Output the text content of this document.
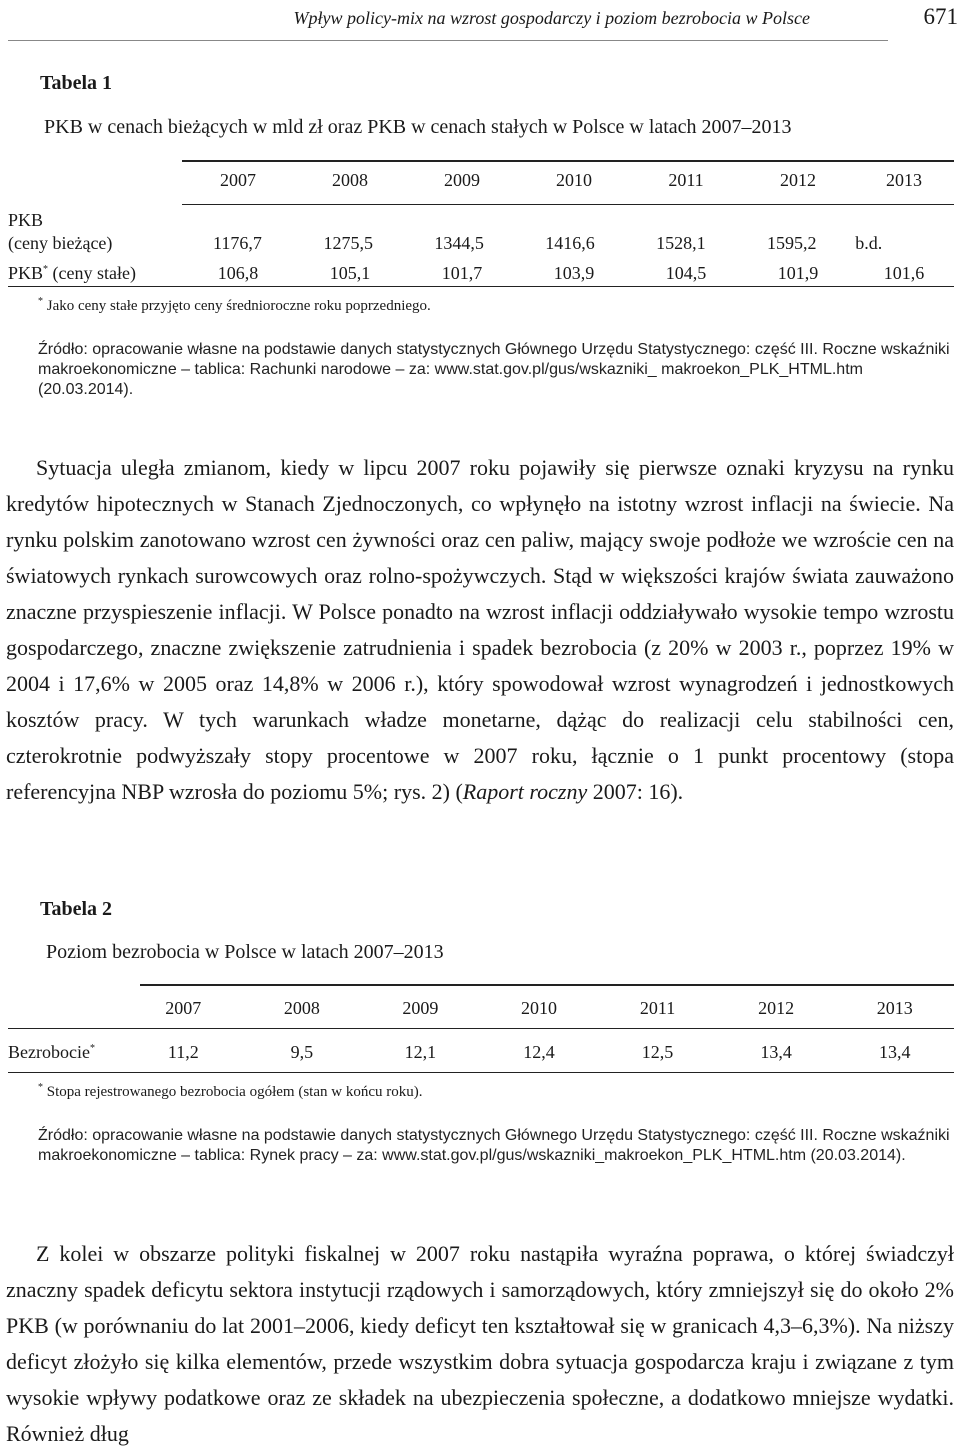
Wpływ policy-mix na wzrost gospodarczy i poziom bezrobocia w Polsce	671
Tabela 1
PKB w cenach bieżących w mld zł oraz PKB w cenach stałych w Polsce w latach 2007–2013
2007	2008	2009	2010	2011	2012	2013
PKB
(ceny bieżące)	1176,7	1275,5	1344,5	1416,6	1528,1	1595,2	b.d.
PKB* (ceny stałe)	106,8	105,1	101,7	103,9	104,5	101,9	101,6
* Jako ceny stałe przyjęto ceny średnioroczne roku poprzedniego.
Źródło: opracowanie własne na podstawie danych statystycznych Głównego Urzędu Statystycznego: część III. Roczne wskaźniki makroekonomiczne – tablica: Rachunki narodowe – za: www.stat.gov.pl/gus/wskazniki_ makroekon_PLK_HTML.htm (20.03.2014).

Sytuacja uległa zmianom, kiedy w lipcu 2007 roku pojawiły się pierwsze oznaki kryzysu na rynku kredytów hipotecznych w Stanach Zjednoczonych, co wpłynęło na istotny wzrost inflacji na świecie. Na rynku polskim zanotowano wzrost cen żywności oraz cen paliw, mający swoje podłoże we wzroście cen na światowych rynkach surowcowych oraz rolno-spożywczych. Stąd w większości krajów świata zauważono znaczne przyspieszenie inflacji. W Polsce ponadto na wzrost inflacji oddziaływało wysokie tempo wzrostu gospodarczego, znaczne zwiększenie zatrudnienia i spadek bezrobocia (z 20% w 2003 r., poprzez 19% w 2004 i 17,6% w 2005 oraz 14,8% w 2006 r.), który spowodował wzrost wynagrodzeń i jednostkowych kosztów pracy. W tych warunkach władze monetarne, dążąc do realizacji celu stabilności cen, czterokrotnie podwyższały stopy procentowe w 2007 roku, łącznie o 1 punkt procentowy (stopa referencyjna NBP wzrosła do poziomu 5%; rys. 2) (Raport roczny 2007: 16).

Tabela 2
Poziom bezrobocia w Polsce w latach 2007–2013
2007	2008	2009	2010	2011	2012	2013
Bezrobocie*	11,2	9,5	12,1	12,4	12,5	13,4	13,4
* Stopa rejestrowanego bezrobocia ogółem (stan w końcu roku).
Źródło: opracowanie własne na podstawie danych statystycznych Głównego Urzędu Statystycznego: część III. Roczne wskaźniki makroekonomiczne – tablica: Rynek pracy – za: www.stat.gov.pl/gus/wskazniki_makroekon_PLK_HTML.htm (20.03.2014).

Z kolei w obszarze polityki fiskalnej w 2007 roku nastąpiła wyraźna poprawa, o której świadczył znaczny spadek deficytu sektora instytucji rządowych i samorządowych, który zmniejszył się do około 2% PKB (w porównaniu do lat 2001–2006, kiedy deficyt ten kształtował się w granicach 4,3–6,3%). Na niższy deficyt złożyło się kilka elementów, przede wszystkim dobra sytuacja gospodarcza kraju i związane z tym wysokie wpływy podatkowe oraz ze składek na ubezpieczenia społeczne, a dodatkowo mniejsze wydatki. Również dług
